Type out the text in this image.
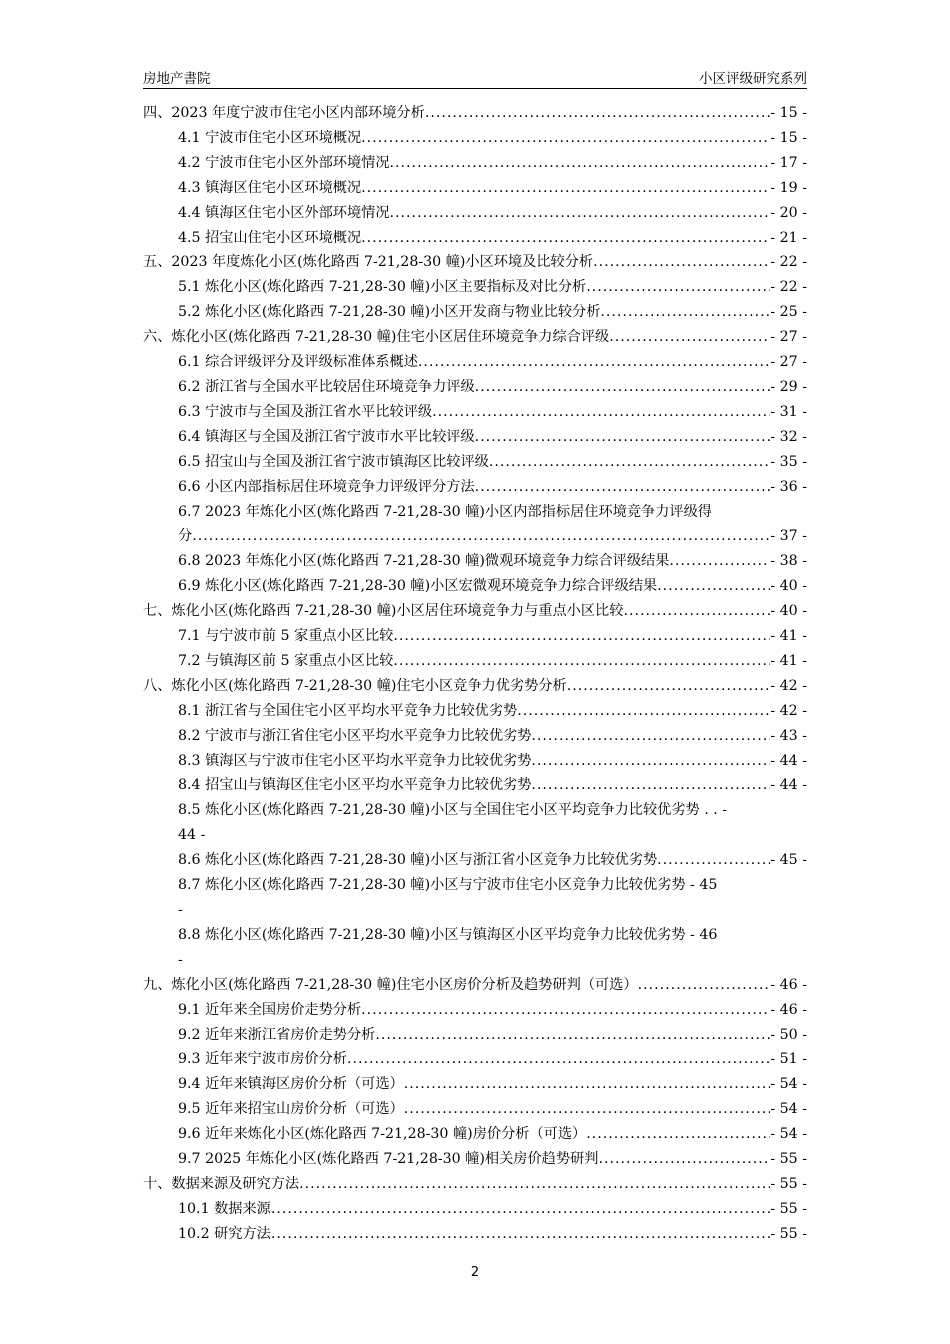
房地产書院	小区评级研究系列
四、2023 年度宁波市住宅小区内部环境分析 .....	- 15 -
4.1 宁波市住宅小区环境概况 .....	- 15 -
4.2 宁波市住宅小区外部环境情况 .....	- 17 -
4.3 镇海区住宅小区环境概况 .....	- 19 -
4.4 镇海区住宅小区外部环境情况 .....	- 20 -
4.5 招宝山住宅小区环境概况 .....	- 21 -
五、2023 年度炼化小区(炼化路西 7-21,28-30 幢)小区环境及比较分析 .....	- 22 -
5.1 炼化小区(炼化路西 7-21,28-30 幢)小区主要指标及对比分析 .....	- 22 -
5.2 炼化小区(炼化路西 7-21,28-30 幢)小区开发商与物业比较分析 .....	- 25 -
六、炼化小区(炼化路西 7-21,28-30 幢)住宅小区居住环境竞争力综合评级 .....	- 27 -
6.1 综合评级评分及评级标准体系概述 .....	- 27 -
6.2 浙江省与全国水平比较居住环境竞争力评级 .....	- 29 -
6.3 宁波市与全国及浙江省水平比较评级 .....	- 31 -
6.4 镇海区与全国及浙江省宁波市水平比较评级 .....	- 32 -
6.5 招宝山与全国及浙江省宁波市镇海区比较评级 .....	- 35 -
6.6 小区内部指标居住环境竞争力评级评分方法 .....	- 36 -
6.7 2023 年炼化小区(炼化路西 7-21,28-30 幢)小区内部指标居住环境竞争力评级得
分 .....	- 37 -
6.8 2023 年炼化小区(炼化路西 7-21,28-30 幢)微观环境竞争力综合评级结果 .....	- 38 -
6.9 炼化小区(炼化路西 7-21,28-30 幢)小区宏微观环境竞争力综合评级结果 .....	- 40 -
七、炼化小区(炼化路西 7-21,28-30 幢)小区居住环境竞争力与重点小区比较 .....	- 40 -
7.1 与宁波市前 5 家重点小区比较 .....	- 41 -
7.2 与镇海区前 5 家重点小区比较 .....	- 41 -
八、炼化小区(炼化路西 7-21,28-30 幢)住宅小区竞争力优劣势分析 .....	- 42 -
8.1 浙江省与全国住宅小区平均水平竞争力比较优劣势 .....	- 42 -
8.2 宁波市与浙江省住宅小区平均水平竞争力比较优劣势 .....	- 43 -
8.3 镇海区与宁波市住宅小区平均水平竞争力比较优劣势 .....	- 44 -
8.4 招宝山与镇海区住宅小区平均水平竞争力比较优劣势 .....	- 44 -
8.5 炼化小区(炼化路西 7-21,28-30 幢)小区与全国住宅小区平均竞争力比较优劣势 . . -
44 -
8.6 炼化小区(炼化路西 7-21,28-30 幢)小区与浙江省小区竞争力比较优劣势 .....	- 45 -
8.7 炼化小区(炼化路西 7-21,28-30 幢)小区与宁波市住宅小区竞争力比较优劣势 - 45
-
8.8 炼化小区(炼化路西 7-21,28-30 幢)小区与镇海区小区平均竞争力比较优劣势 - 46
-
九、炼化小区(炼化路西 7-21,28-30 幢)住宅小区房价分析及趋势研判（可选） .....	- 46 -
9.1 近年来全国房价走势分析 .....	- 46 -
9.2 近年来浙江省房价走势分析 .....	- 50 -
9.3 近年来宁波市房价分析 .....	- 51 -
9.4 近年来镇海区房价分析（可选） .....	- 54 -
9.5 近年来招宝山房价分析（可选） .....	- 54 -
9.6 近年来炼化小区(炼化路西 7-21,28-30 幢)房价分析（可选） .....	- 54 -
9.7 2025 年炼化小区(炼化路西 7-21,28-30 幢)相关房价趋势研判 .....	- 55 -
十、数据来源及研究方法 .....	- 55 -
10.1 数据来源 .....	- 55 -
10.2 研究方法 .....	- 55 -
2
